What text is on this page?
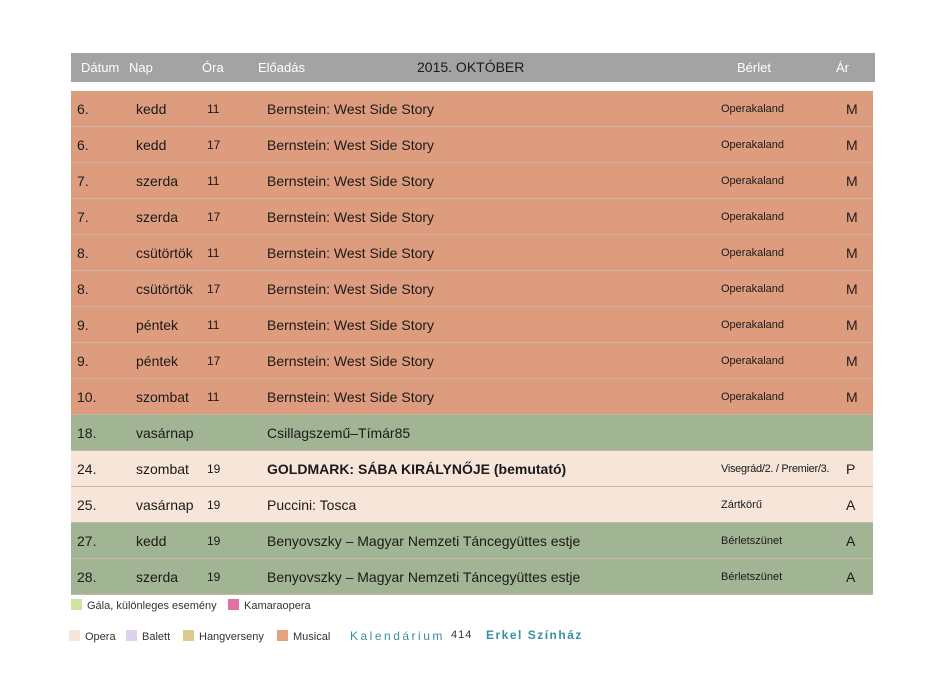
Dátum Nap	Óra	Előadás	2015. OKTÓBER	Bérlet	Ár
6.	kedd	11	Bernstein: West Side Story	Operakaland	M
6.	kedd	17	Bernstein: West Side Story	Operakaland	M
7.	szerda 11	Bernstein: West Side Story	Operakaland	M
7.	szerda 17	Bernstein: West Side Story	Operakaland	M
8.	csütörtök 11	Bernstein: West Side Story	Operakaland	M
8.	csütörtök 17	Bernstein: West Side Story	Operakaland	M
9.	péntek 11	Bernstein: West Side Story	Operakaland	M
9.	péntek 17	Bernstein: West Side Story	Operakaland	M
10.	szombat 11	Bernstein: West Side Story	Operakaland	M
18.	vasárnap	Csillagszemű–Tímár85
24.	szombat 19	GOLDMARK: SÁBA KIRÁLYNŐJE (bemutató)	Visegrád/2. / Premier/3. P
25.	vasárnap 19	Puccini: Tosca	Zártkörű	A
27.	kedd	19	Benyovszky – Magyar Nemzeti Táncegyüttes estje	Bérletszünet	A
28.	szerda 19	Benyovszky – Magyar Nemzeti Táncegyüttes estje	Bérletszünet	A
Gála, különleges esemény	Kamaraopera
Opera	Balett	Hangverseny	Musical Kalendárium 414 Erkel Színház
